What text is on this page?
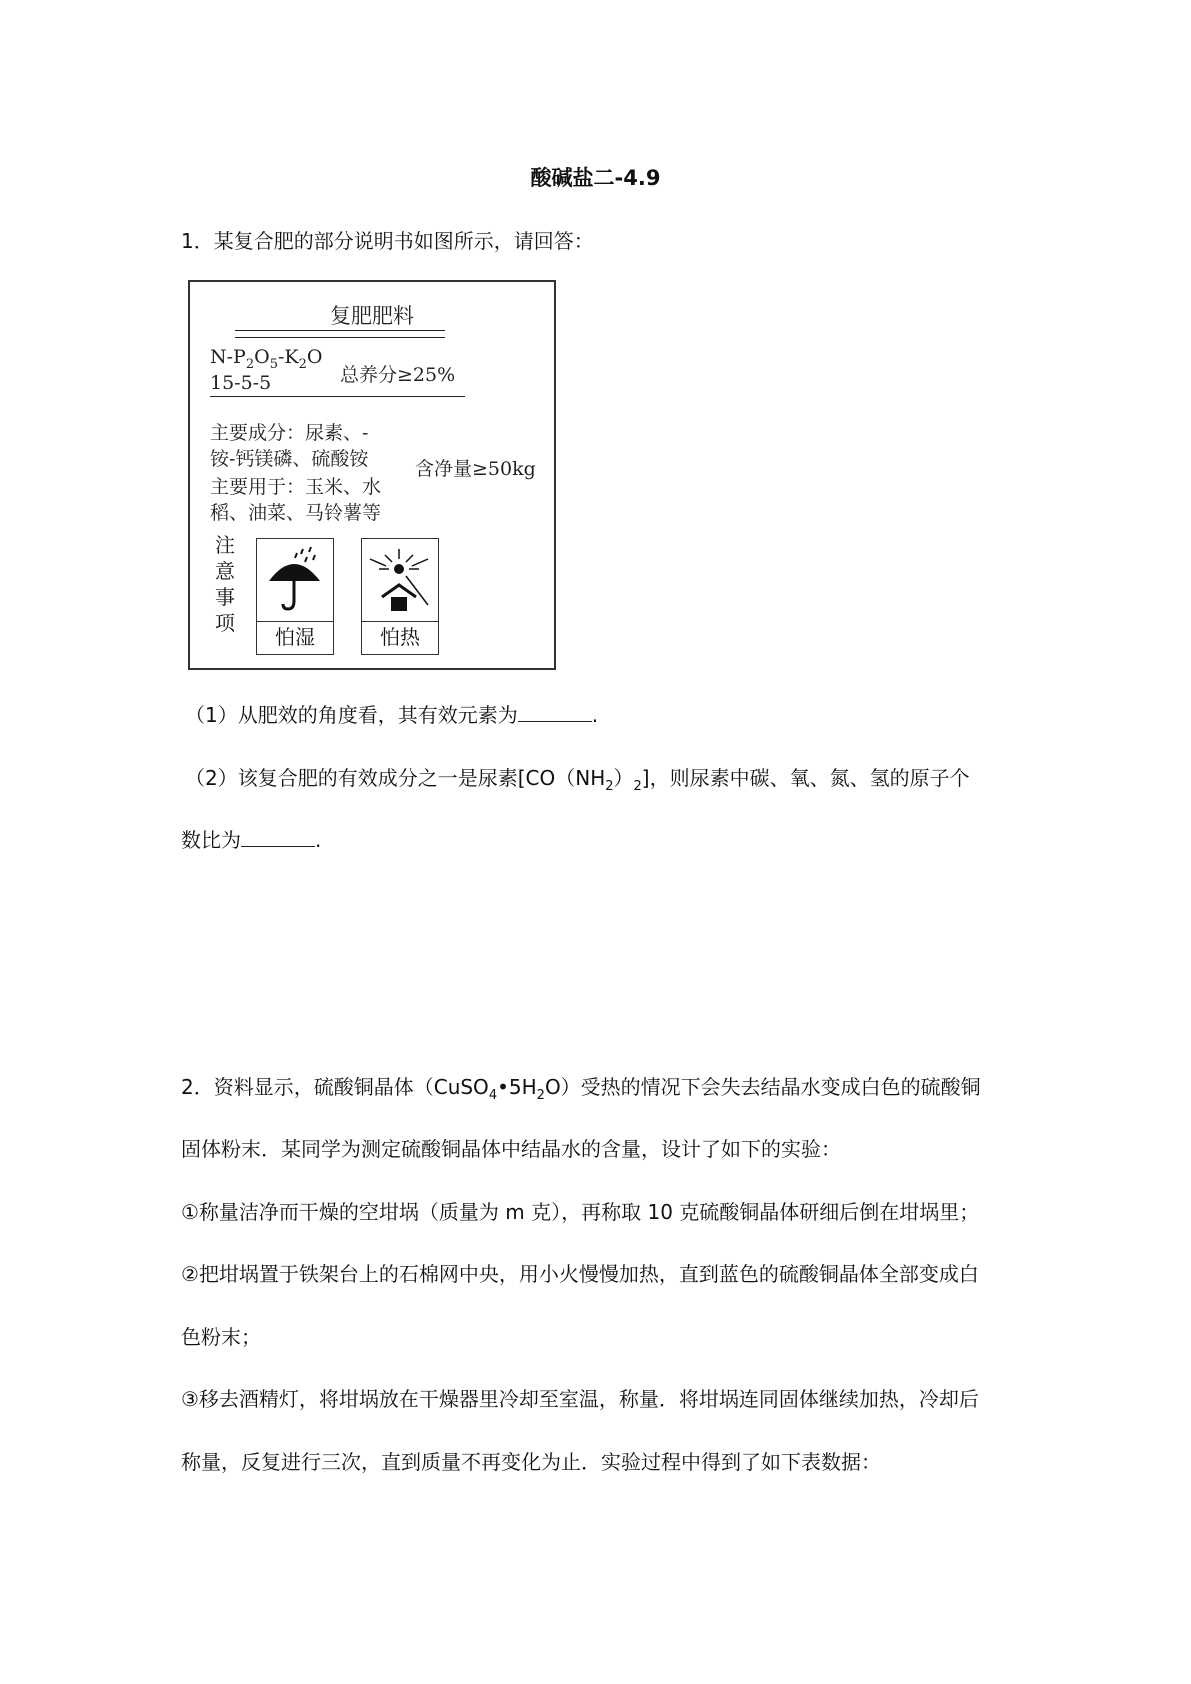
酸碱盐二-4.9
1．某复合肥的部分说明书如图所示，请回答：
复肥肥料
$N-P_2O_5-K_2O$
15-5-5	总养分≥25%
主要成分：尿素、-
铵-钙镁磷、硫酸铵
主要用于：玉米、水
稻、油菜、马铃薯等
含净量≥50kg
注
意
事
项
怕湿	怕热
（1）从肥效的角度看，其有效元素为	.
（2）该复合肥的有效成分之一是尿素$[CO(NH_2)_2]$，则尿素中碳、氧、氮、氢的原子个
数比为	.
2．资料显示，硫酸铜晶体$(CuSO_4•5H_2O)$受热的情况下会失去结晶水变成白色的硫酸铜
固体粉末．某同学为测定硫酸铜晶体中结晶水的含量，设计了如下的实验：
①称量洁净而干燥的空坩埚（质量为 m 克），再称取 10 克硫酸铜晶体研细后倒在坩埚里；
②把坩埚置于铁架台上的石棉网中央，用小火慢慢加热，直到蓝色的硫酸铜晶体全部变成白
色粉末；
③移去酒精灯，将坩埚放在干燥器里冷却至室温，称量．将坩埚连同固体继续加热，冷却后
称量，反复进行三次，直到质量不再变化为止．实验过程中得到了如下表数据：
